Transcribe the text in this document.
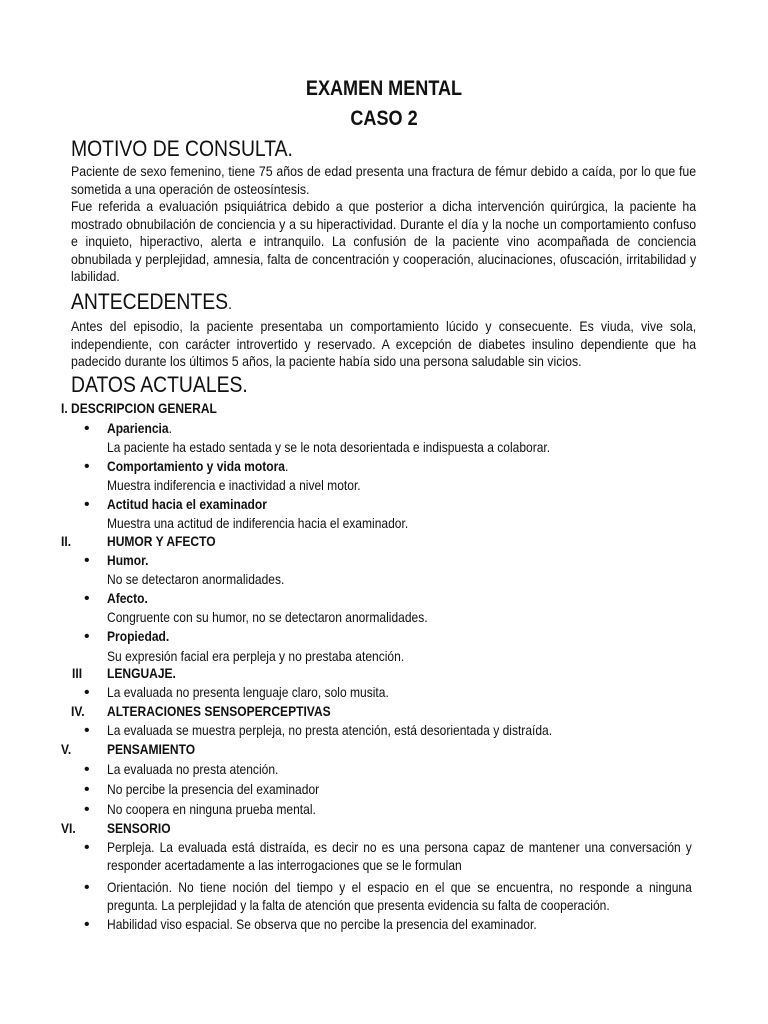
EXAMEN MENTAL
CASO 2
MOTIVO DE CONSULTA.
Paciente de sexo femenino, tiene 75 años de edad presenta una fractura de fémur debido a caída, por lo que fue
sometida a una operación de osteosíntesis.
Fue referida a evaluación psiquiátrica debido a que posterior a dicha intervención quirúrgica, la paciente ha
mostrado obnubilación de conciencia y a su hiperactividad. Durante el día y la noche un comportamiento confuso
e inquieto, hiperactivo, alerta e intranquilo. La confusión de la paciente vino acompañada de conciencia
obnubilada y perplejidad, amnesia, falta de concentración y cooperación, alucinaciones, ofuscación, irritabilidad y
labilidad.
ANTECEDENTES.
Antes del episodio, la paciente presentaba un comportamiento lúcido y consecuente. Es viuda, vive sola,
independiente, con carácter introvertido y reservado. A excepción de diabetes insulino dependiente que ha
padecido durante los últimos 5 años, la paciente había sido una persona saludable sin vicios.
DATOS ACTUALES.
I. DESCRIPCION GENERAL
• Apariencia.
La paciente ha estado sentada y se le nota desorientada e indispuesta a colaborar.
• Comportamiento y vida motora.
Muestra indiferencia e inactividad a nivel motor.
• Actitud hacia el examinador
Muestra una actitud de indiferencia hacia el examinador.
II.	HUMOR Y AFECTO
• Humor.
No se detectaron anormalidades.
• Afecto.
Congruente con su humor, no se detectaron anormalidades.
• Propiedad.
Su expresión facial era perpleja y no prestaba atención.
III LENGUAJE.
• La evaluada no presenta lenguaje claro, solo musita.
IV. ALTERACIONES SENSOPERCEPTIVAS
• La evaluada se muestra perpleja, no presta atención, está desorientada y distraída.
V.	PENSAMIENTO
• La evaluada no presta atención.
• No percibe la presencia del examinador
• No coopera en ninguna prueba mental.
VI. SENSORIO
• Perpleja. La evaluada está distraída, es decir no es una persona capaz de mantener una conversación y
responder acertadamente a las interrogaciones que se le formulan
• Orientación. No tiene noción del tiempo y el espacio en el que se encuentra, no responde a ninguna
pregunta. La perplejidad y la falta de atención que presenta evidencia su falta de cooperación.
• Habilidad viso espacial. Se observa que no percibe la presencia del examinador.
